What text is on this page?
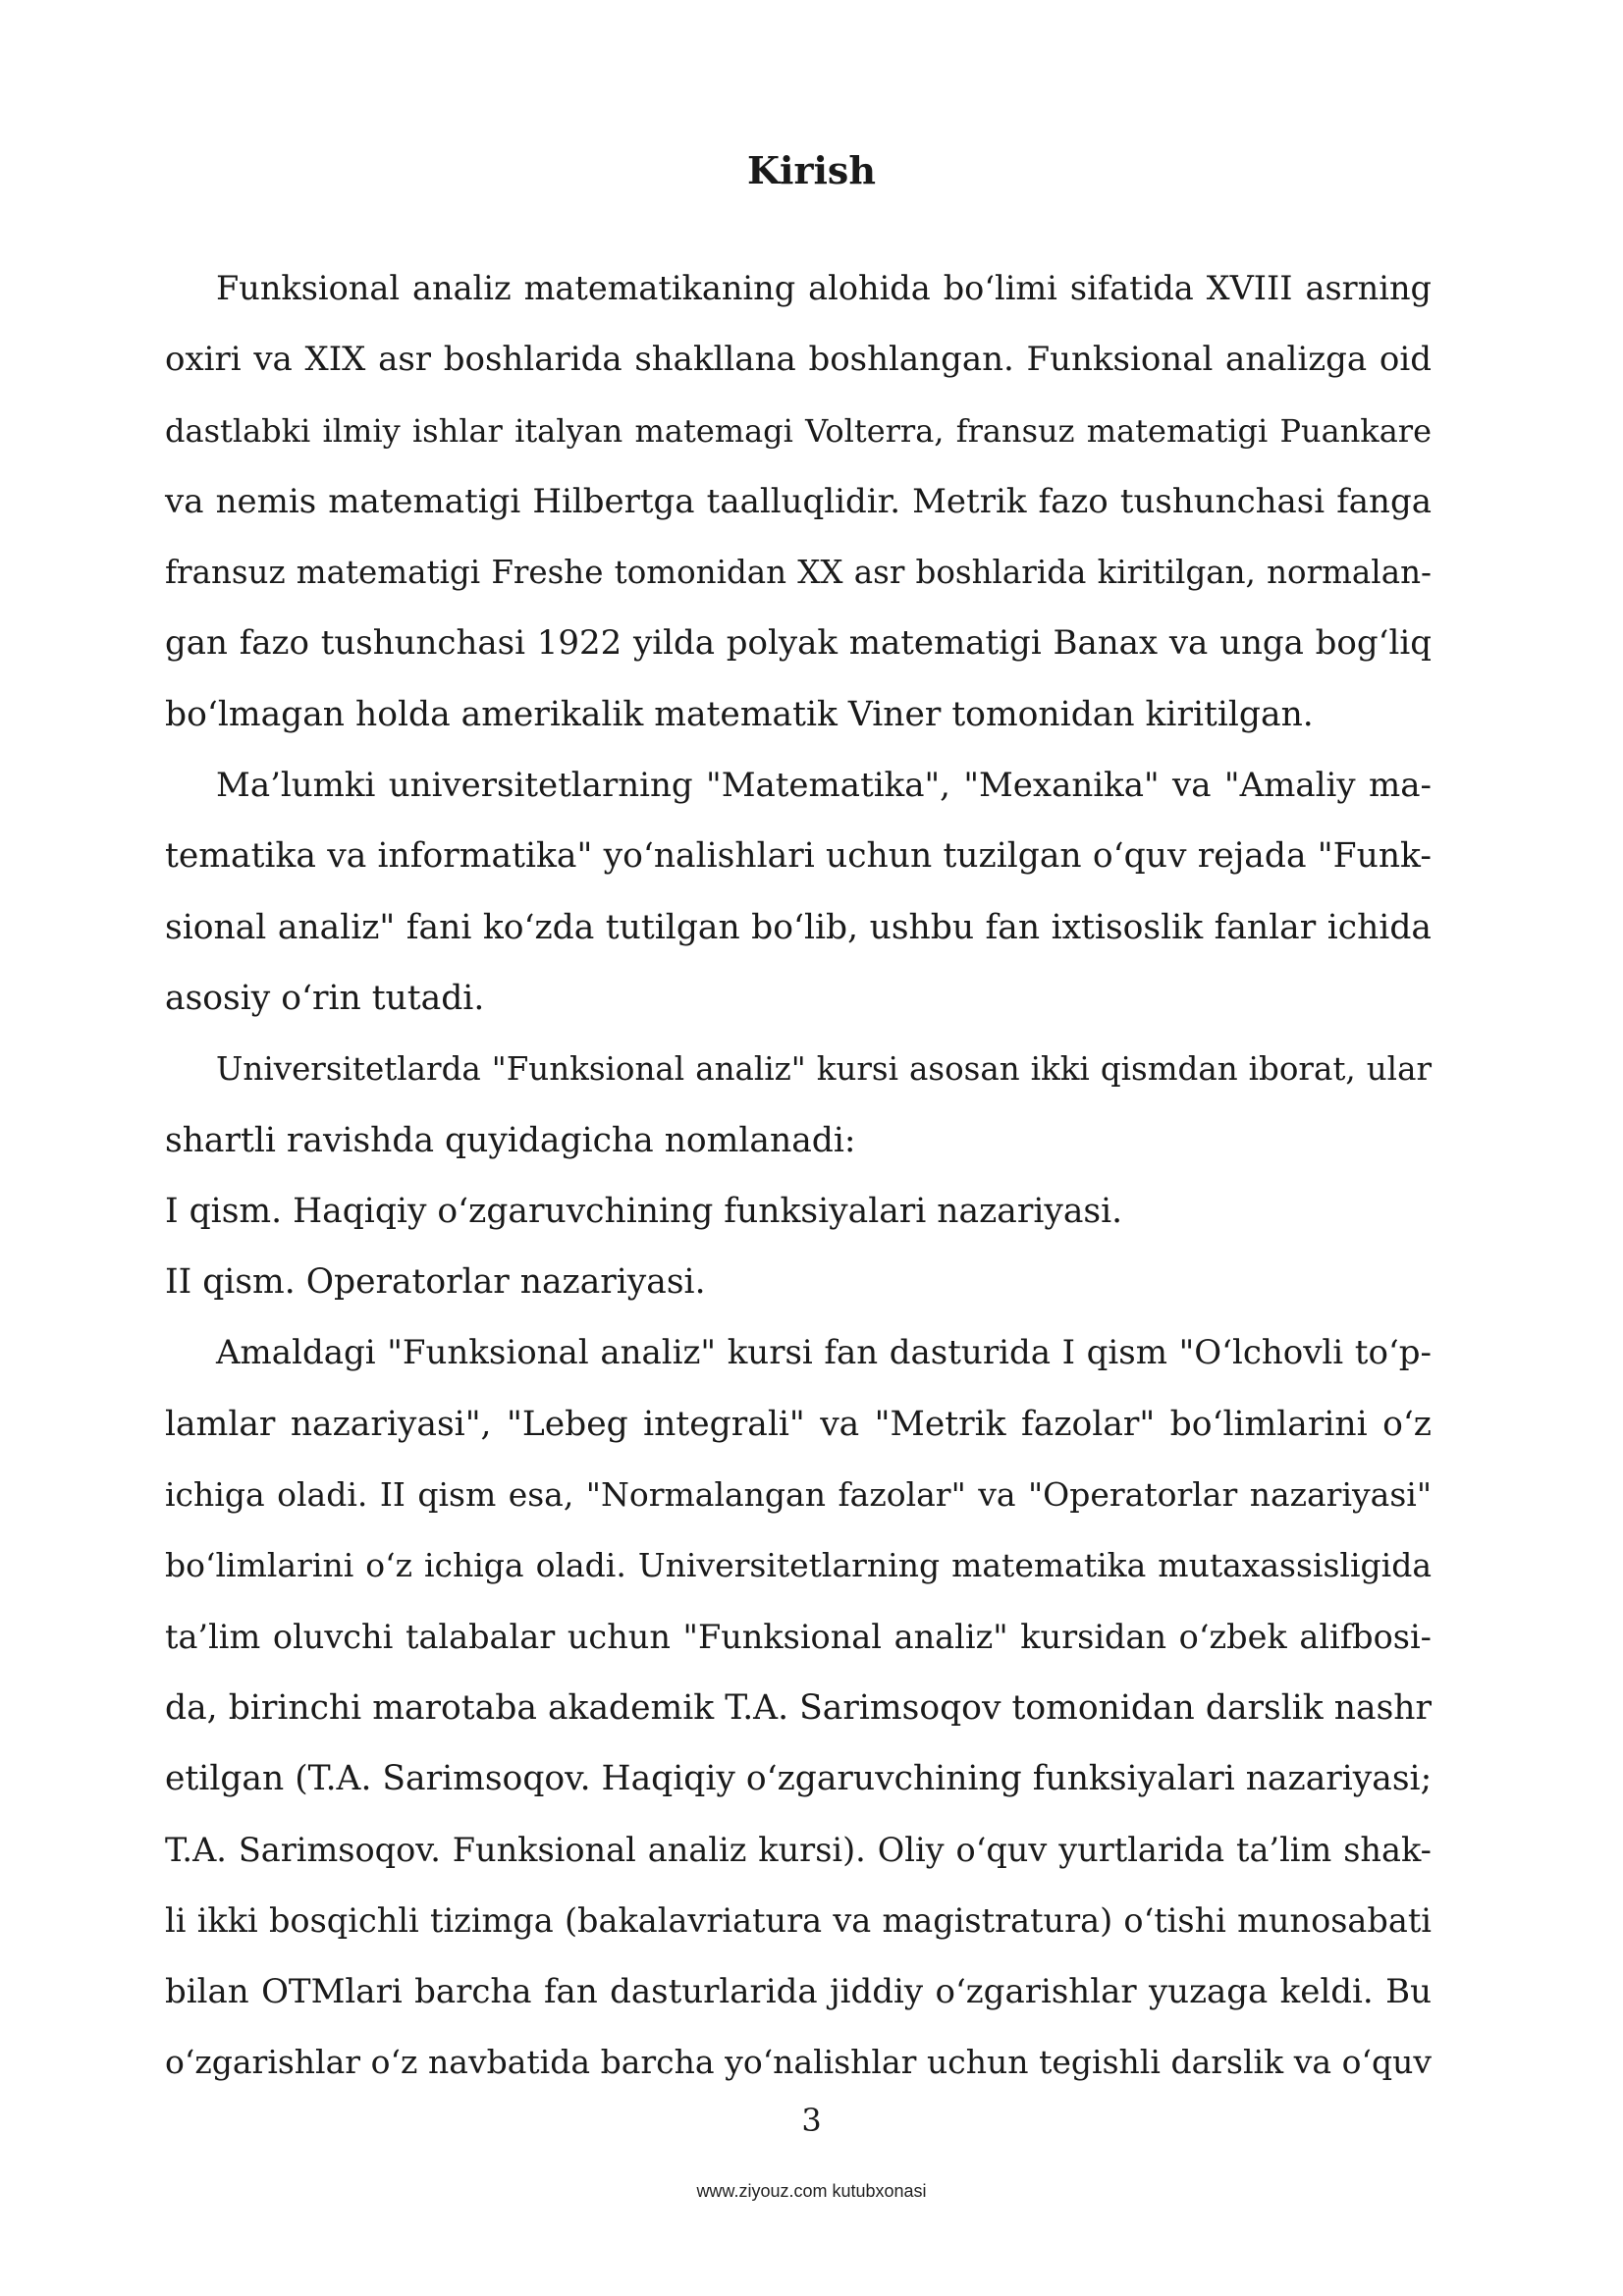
Kirish
Funksional analiz matematikaning alohida bo‘limi sifatida XVIII asrning
oxiri va XIX asr boshlarida shakllana boshlangan. Funksional analizga oid
dastlabki ilmiy ishlar italyan matemagi Volterra, fransuz matematigi Puankare
va nemis matematigi Hilbertga taalluqlidir. Metrik fazo tushunchasi fanga
fransuz matematigi Freshe tomonidan XX asr boshlarida kiritilgan, normalan-
gan fazo tushunchasi 1922 yilda polyak matematigi Banax va unga bog‘liq
bo‘lmagan holda amerikalik matematik Viner tomonidan kiritilgan.
Ma’lumki universitetlarning "Matematika", "Mexanika" va "Amaliy ma-
tematika va informatika" yo‘nalishlari uchun tuzilgan o‘quv rejada "Funk-
sional analiz" fani ko‘zda tutilgan bo‘lib, ushbu fan ixtisoslik fanlar ichida
asosiy o‘rin tutadi.
Universitetlarda "Funksional analiz" kursi asosan ikki qismdan iborat, ular
shartli ravishda quyidagicha nomlanadi:
I qism. Haqiqiy o‘zgaruvchining funksiyalari nazariyasi.
II qism. Operatorlar nazariyasi.
Amaldagi "Funksional analiz" kursi fan dasturida I qism "O‘lchovli to‘p-
lamlar nazariyasi", "Lebeg integrali" va "Metrik fazolar" bo‘limlarini o‘z
ichiga oladi. II qism esa, "Normalangan fazolar" va "Operatorlar nazariyasi"
bo‘limlarini o‘z ichiga oladi. Universitetlarning matematika mutaxassisligida
ta’lim oluvchi talabalar uchun "Funksional analiz" kursidan o‘zbek alifbosi-
da, birinchi marotaba akademik T.A. Sarimsoqov tomonidan darslik nashr
etilgan (T.A. Sarimsoqov. Haqiqiy o‘zgaruvchining funksiyalari nazariyasi;
T.A. Sarimsoqov. Funksional analiz kursi). Oliy o‘quv yurtlarida ta’lim shak-
li ikki bosqichli tizimga (bakalavriatura va magistratura) o‘tishi munosabati
bilan OTMlari barcha fan dasturlarida jiddiy o‘zgarishlar yuzaga keldi. Bu
o‘zgarishlar o‘z navbatida barcha yo‘nalishlar uchun tegishli darslik va o‘quv
3
www.ziyouz.com kutubxonasi
